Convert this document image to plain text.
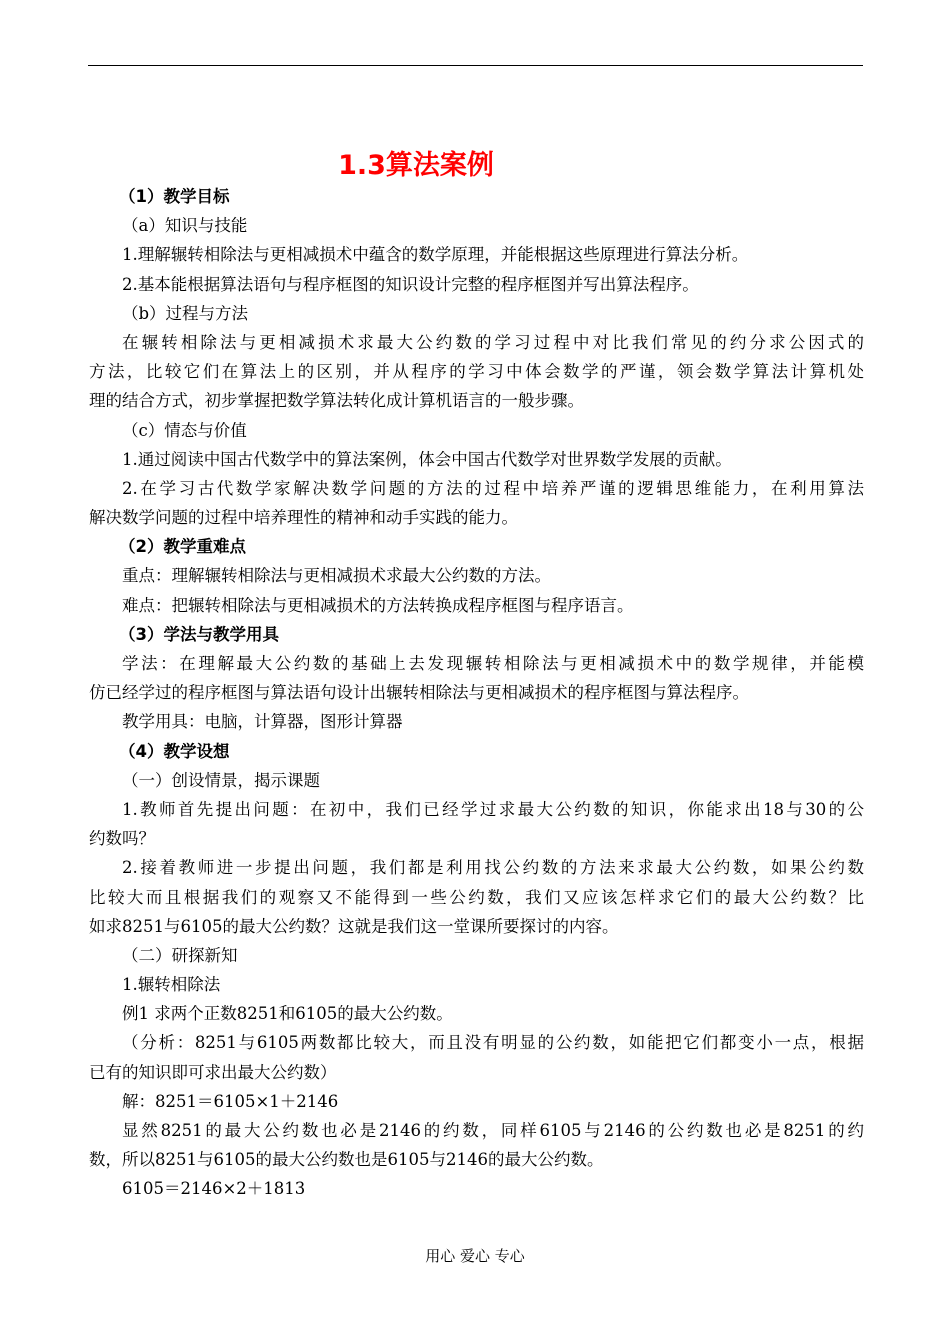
1.3算法案例
（1）教学目标
（a）知识与技能
1.理解辗转相除法与更相减损术中蕴含的数学原理，并能根据这些原理进行算法分析。
2.基本能根据算法语句与程序框图的知识设计完整的程序框图并写出算法程序。
（b）过程与方法
在辗转相除法与更相减损术求最大公约数的学习过程中对比我们常见的约分求公因式的
方法，比较它们在算法上的区别，并从程序的学习中体会数学的严谨，领会数学算法计算机处
理的结合方式，初步掌握把数学算法转化成计算机语言的一般步骤。
（c）情态与价值
1.通过阅读中国古代数学中的算法案例，体会中国古代数学对世界数学发展的贡献。
2.在学习古代数学家解决数学问题的方法的过程中培养严谨的逻辑思维能力，在利用算法
解决数学问题的过程中培养理性的精神和动手实践的能力。
（2）教学重难点
重点：理解辗转相除法与更相减损术求最大公约数的方法。
难点：把辗转相除法与更相减损术的方法转换成程序框图与程序语言。
（3）学法与教学用具
学法：在理解最大公约数的基础上去发现辗转相除法与更相减损术中的数学规律，并能模
仿已经学过的程序框图与算法语句设计出辗转相除法与更相减损术的程序框图与算法程序。
教学用具：电脑，计算器，图形计算器
（4）教学设想
（一）创设情景，揭示课题
1.教师首先提出问题：在初中，我们已经学过求最大公约数的知识，你能求出18与30的公
约数吗？
2.接着教师进一步提出问题，我们都是利用找公约数的方法来求最大公约数，如果公约数
比较大而且根据我们的观察又不能得到一些公约数，我们又应该怎样求它们的最大公约数？比
如求8251与6105的最大公约数？这就是我们这一堂课所要探讨的内容。
（二）研探新知
1.辗转相除法
例1 求两个正数8251和6105的最大公约数。
（分析：8251与6105两数都比较大，而且没有明显的公约数，如能把它们都变小一点，根据
已有的知识即可求出最大公约数）
解：8251＝6105×1＋2146
显然8251的最大公约数也必是2146的约数，同样6105与2146的公约数也必是8251的约
数，所以8251与6105的最大公约数也是6105与2146的最大公约数。
6105＝2146×2＋1813
用心 爱心 专心
